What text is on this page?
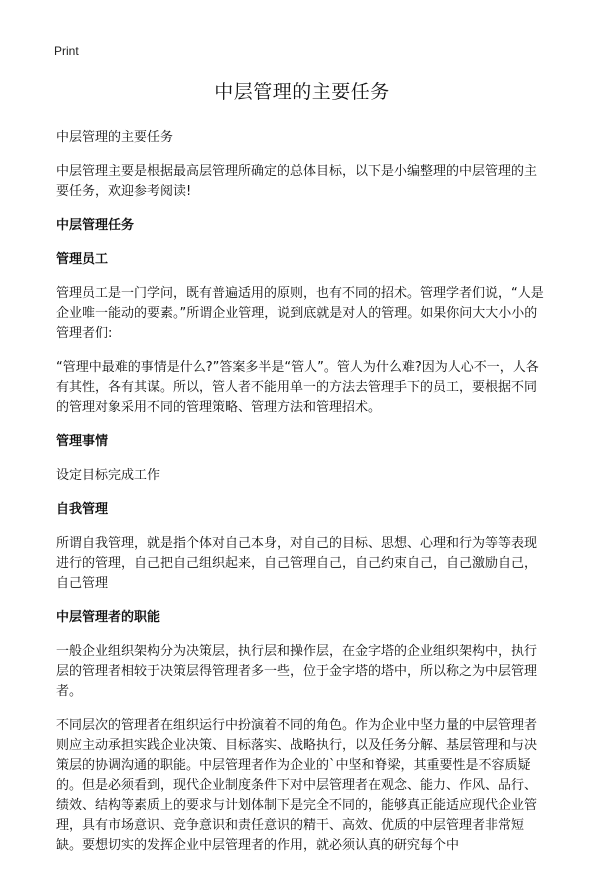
Print
中层管理的主要任务
中层管理的主要任务

中层管理主要是根据最高层管理所确定的总体目标，以下是小编整理的中层管理的主要任务，欢迎参考阅读!

中层管理任务
管理员工

管理员工是一门学问，既有普遍适用的原则，也有不同的招术。管理学者们说，“人是企业唯一能动的要素。”所谓企业管理，说到底就是对人的管理。如果你问大大小小的管理者们:

“管理中最难的事情是什么?”答案多半是“管人”。管人为什么难?因为人心不一，人各有其性，各有其谋。所以，管人者不能用单一的方法去管理手下的员工，要根据不同的管理对象采用不同的管理策略、管理方法和管理招术。

管理事情

设定目标完成工作

自我管理

所谓自我管理，就是指个体对自己本身，对自己的目标、思想、心理和行为等等表现进行的管理，自己把自己组织起来，自己管理自己，自己约束自己，自己激励自己，自己管理

中层管理者的职能

一般企业组织架构分为决策层，执行层和操作层，在金字塔的企业组织架构中，执行层的管理者相较于决策层得管理者多一些，位于金字塔的塔中，所以称之为中层管理者。

不同层次的管理者在组织运行中扮演着不同的角色。作为企业中坚力量的中层管理者则应主动承担实践企业决策、目标落实、战略执行，以及任务分解、基层管理和与决策层的协调沟通的职能。中层管理者作为企业的`中坚和脊梁，其重要性是不容质疑的。但是必须看到，现代企业制度条件下对中层管理者在观念、能力、作风、品行、绩效、结构等素质上的要求与计划体制下是完全不同的，能够真正能适应现代企业管理，具有市场意识、竞争意识和责任意识的精干、高效、优质的中层管理者非常短缺。要想切实的发挥企业中层管理者的作用，就必须认真的研究每个中
